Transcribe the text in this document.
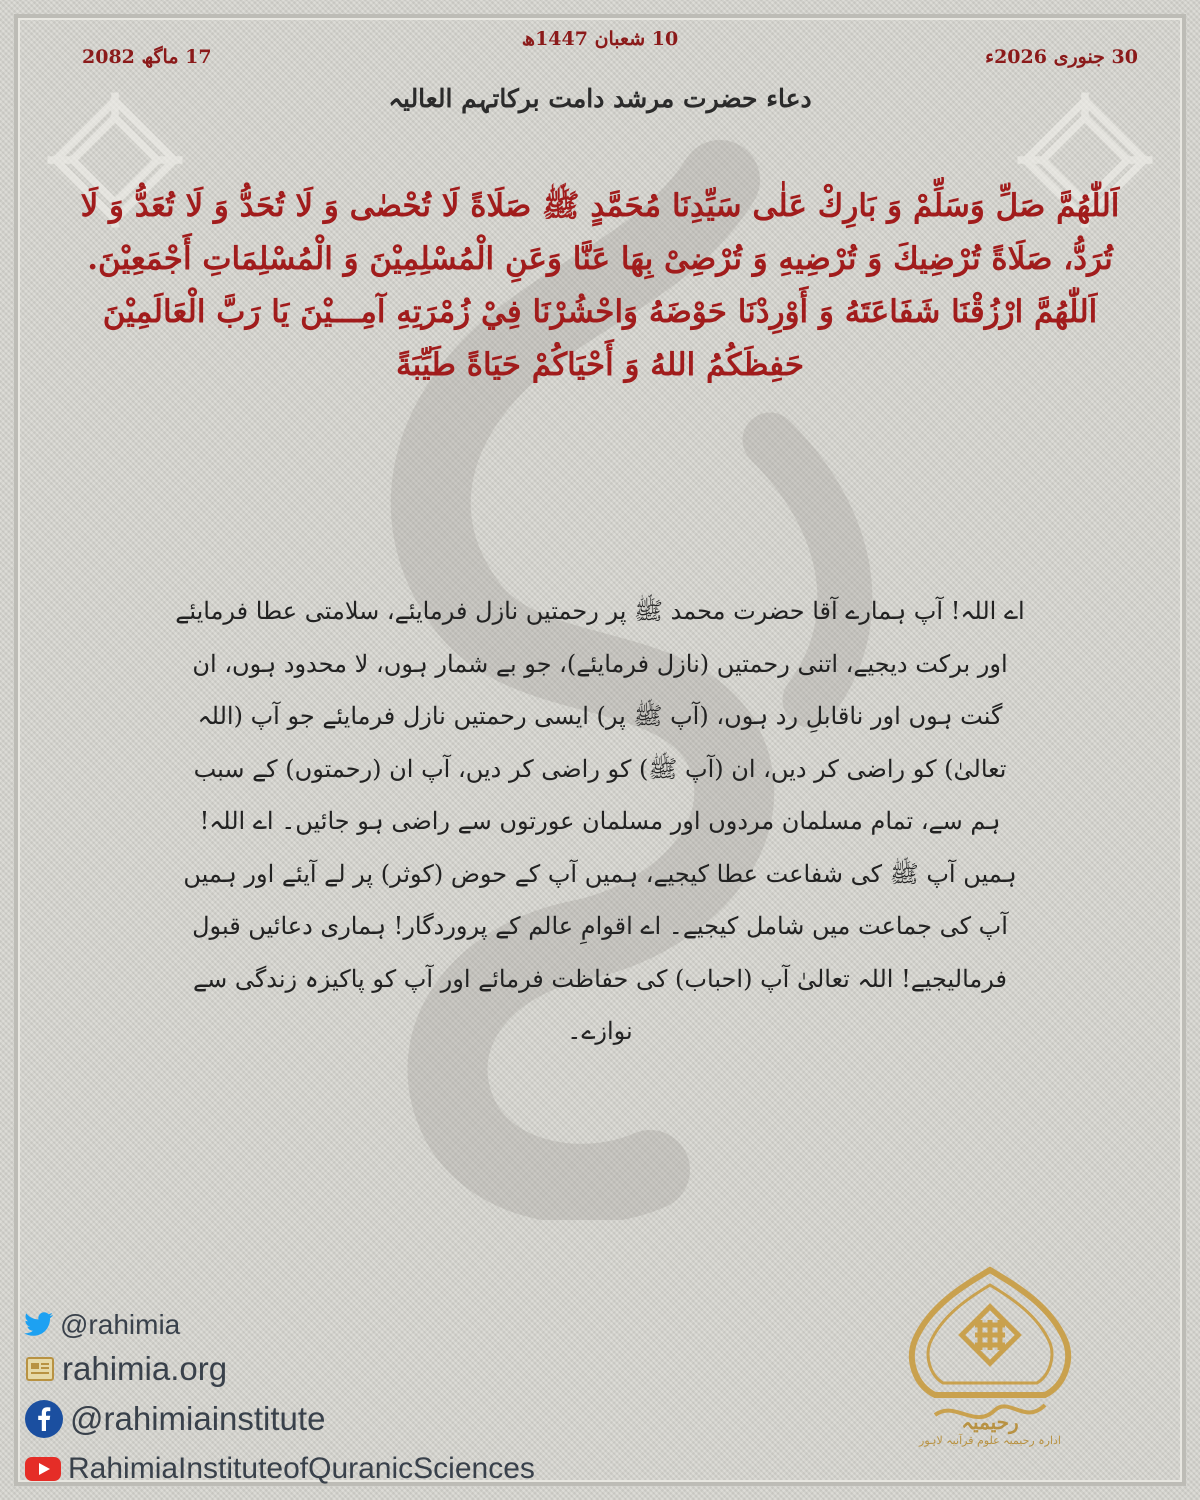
10 شعبان 1447ھ
30 جنوری 2026ء
17 ماگھ 2082
دعاء حضرت مرشد دامت برکاتہم العالیہ
اَللّٰهُمَّ صَلِّ وَسَلِّمْ وَ بَارِكْ عَلٰى سَيِّدِنَا مُحَمَّدٍ ﷺ صَلَاةً لَا تُحْصٰى وَ لَا تُحَدُّ وَ لَا تُعَدُّ وَ لَا تُرَدُّ، صَلَاةً تُرْضِيكَ وَ تُرْضِيهِ وَ تُرْضِىْ بِهَا عَنَّا وَعَنِ الْمُسْلِمِيْنَ وَ الْمُسْلِمَاتِ أَجْمَعِيْنَ. اَللّٰهُمَّ ارْزُقْنَا شَفَاعَتَهُ وَ أَوْرِدْنَا حَوْضَهُ وَاحْشُرْنَا فِيْ زُمْرَتِهِ آمِـــيْنَ يَا رَبَّ الْعَالَمِيْنَ حَفِظَكُمُ اللهُ وَ أَحْيَاكُمْ حَيَاةً طَيِّبَةً
اے اللہ! آپ ہمارے آقا حضرت محمد ﷺ پر رحمتیں نازل فرمایئے، سلامتی عطا فرمایئے اور برکت دیجیے، اتنی رحمتیں (نازل فرمایئے)، جو بے شمار ہوں، لا محدود ہوں، ان گنت ہوں اور ناقابلِ رد ہوں، (آپ ﷺ پر) ایسی رحمتیں نازل فرمایئے جو آپ (اللہ تعالیٰ) کو راضی کر دیں، ان (آپ ﷺ) کو راضی کر دیں، آپ ان (رحمتوں) کے سبب ہم سے، تمام مسلمان مردوں اور مسلمان عورتوں سے راضی ہو جائیں۔ اے اللہ! ہمیں آپ ﷺ کی شفاعت عطا کیجیے، ہمیں آپ کے حوض (کوثر) پر لے آیئے اور ہمیں آپ کی جماعت میں شامل کیجیے۔ اے اقوامِ عالم کے پروردگار! ہماری دعائیں قبول فرمالیجیے! اللہ تعالیٰ آپ (احباب) کی حفاظت فرمائے اور آپ کو پاکیزہ زندگی سے نوازے۔
@rahimia
rahimia.org
@rahimiainstitute
RahimiaInstituteofQuranicSciences
رحیمیہ
ادارہ رحیمیہ علوم قرآنیہ لاہور
